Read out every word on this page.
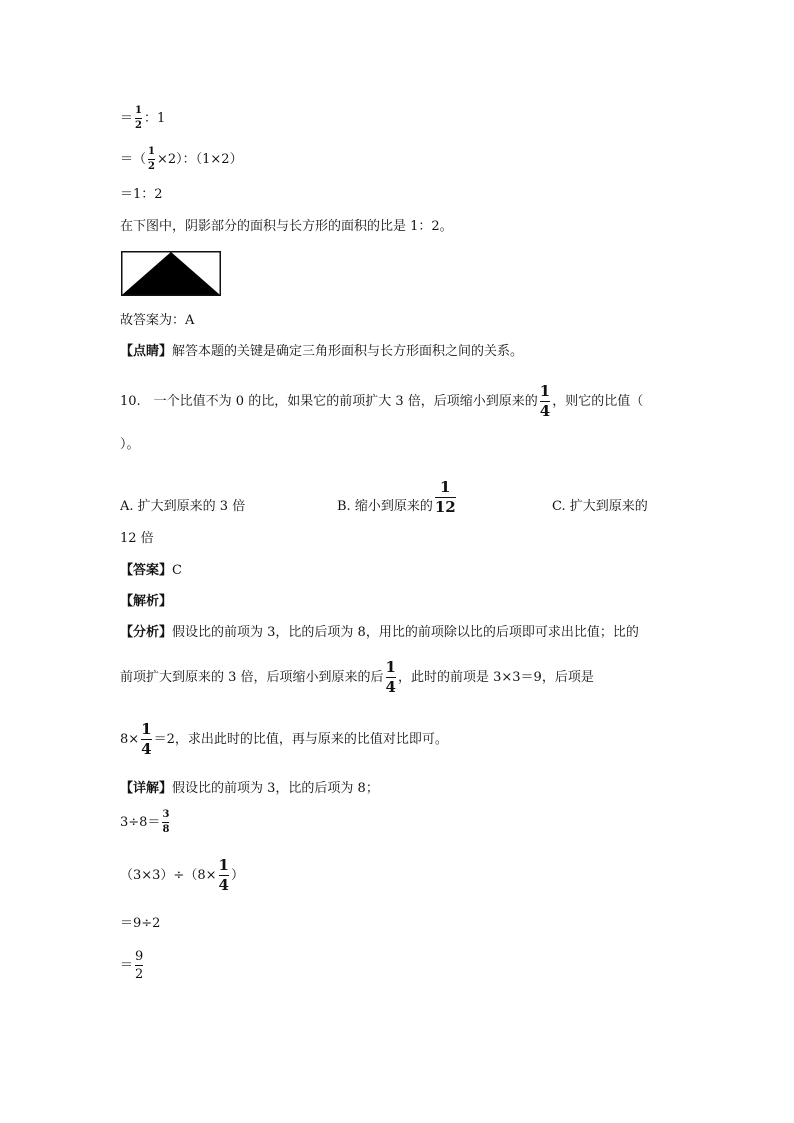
＝ $\frac{1}{2}$ ：1
＝（ $\frac{1}{2} \times 2$）：（1×2）
＝1：2
在下图中，阴影部分的面积与长方形的面积的比是 1：2。
故答案为：A
【点睛】解答本题的关键是确定三角形面积与长方形面积之间的关系。
10.　一个比值不为 0 的比，如果它的前项扩大 3 倍，后项缩小到原来的 $\frac{1}{4}$ ，则它的比值（
）。
A. 扩大到原来的 3 倍	B. 缩小到原来的 $\frac{1}{12}$	C. 扩大到原来的
12 倍
【答案】C
【解析】
【分析】假设比的前项为 3，比的后项为 8，用比的前项除以比的后项即可求出比值；比的
前项扩大到原来的 3 倍，后项缩小到原来的后 $\frac{1}{4}$ ，此时的前项是 3×3＝9，后项是
$8\times \frac{1}{4} =2$，求出此时的比值，再与原来的比值对比即可。
【详解】假设比的前项为 3，比的后项为 8；
$3\div 8= \frac{3}{8}$
$(3\times 3)\div(8\times \frac{1}{4}$ ）
＝9÷2
＝ $\frac{9}{2}$
